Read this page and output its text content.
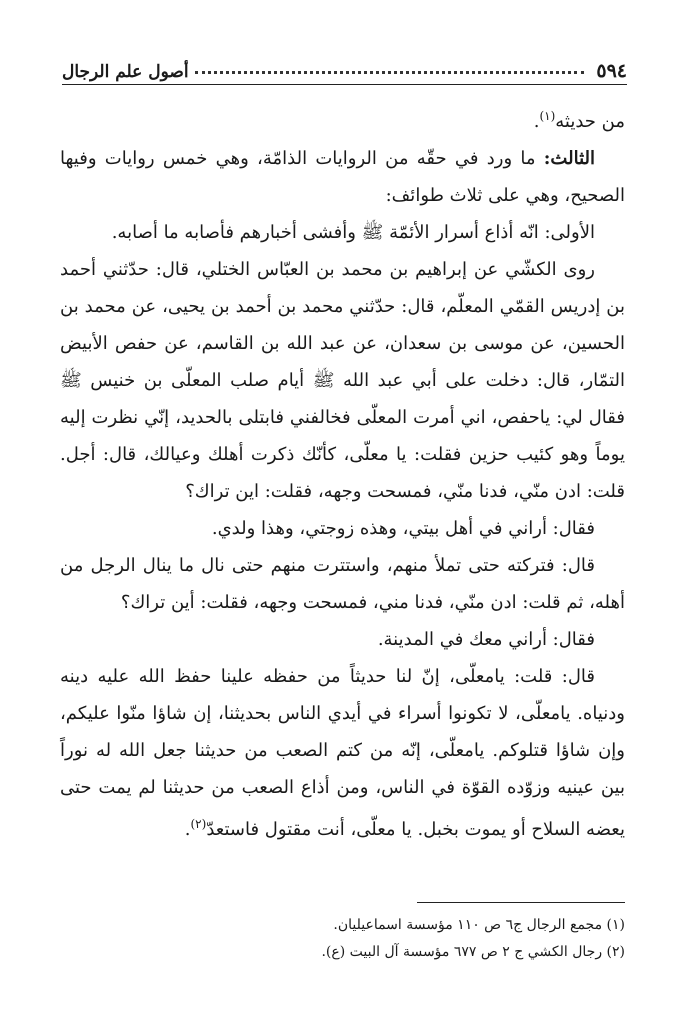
٥٩٤
أصول علم الرجال

من حديثه$^{(١)}$.

الثالث: ما ورد في حقّه من الروايات الذامّة، وهي خمس روايات وفيها الصحيح، وهي على ثلاث طوائف:

الأولى: انّه أذاع أسرار الأئمّة ﷺ وأفشى أخبارهم فأصابه ما أصابه.

روى الكشّي عن إبراهيم بن محمد بن العبّاس الختلي، قال: حدّثني أحمد بن إدريس القمّي المعلّم، قال: حدّثني محمد بن أحمد بن يحيى، عن محمد بن الحسين، عن موسى بن سعدان، عن عبد الله بن القاسم، عن حفص الأبيض التمّار، قال: دخلت على أبي عبد الله ﷺ أيام صلب المعلّى بن خنيس ﷺ فقال لي: ياحفص، اني أمرت المعلّى فخالفني فابتلى بالحديد، إنّي نظرت إليه يوماً وهو كئيب حزين فقلت: يا معلّى، كأنّك ذكرت أهلك وعيالك، قال: أجل. قلت: ادن منّي، فدنا منّي، فمسحت وجهه، فقلت: اين تراك؟

فقال: أراني في أهل بيتي، وهذه زوجتي، وهذا ولدي.

قال: فتركته حتى تملأ منهم، واستترت منهم حتى نال ما ينال الرجل من أهله، ثم قلت: ادن منّي، فدنا مني، فمسحت وجهه، فقلت: أين تراك؟

فقال: أراني معك في المدينة.

قال: قلت: يامعلّى، إنّ لنا حديثاً من حفظه علينا حفظ الله عليه دينه ودنياه. يامعلّى، لا تكونوا أسراء في أيدي الناس بحديثنا، إن شاؤا منّوا عليكم، وإن شاؤا قتلوكم. يامعلّى، إنّه من كتم الصعب من حديثنا جعل الله له نوراً بين عينيه وزوّده القوّة في الناس، ومن أذاع الصعب من حديثنا لم يمت حتى يعضه السلاح أو يموت بخبل. يا معلّى، أنت مقتول فاستعدّ$^{(٢)}$.

(١) مجمع الرجال ج٦ ص ١١٠ مؤسسة اسماعيليان.

(٢) رجال الكشي ج ٢ ص ٦٧٧ مؤسسة آل البيت (ع).
